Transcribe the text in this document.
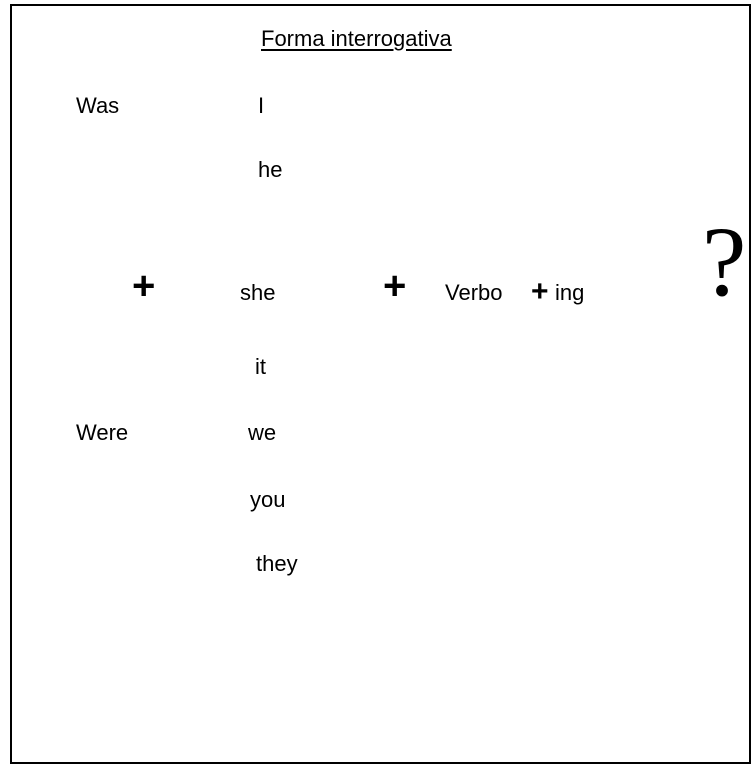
Forma interrogativa
Was
Were
I
he
she
it
we
you
they
+	+ Verbo + ing ?
